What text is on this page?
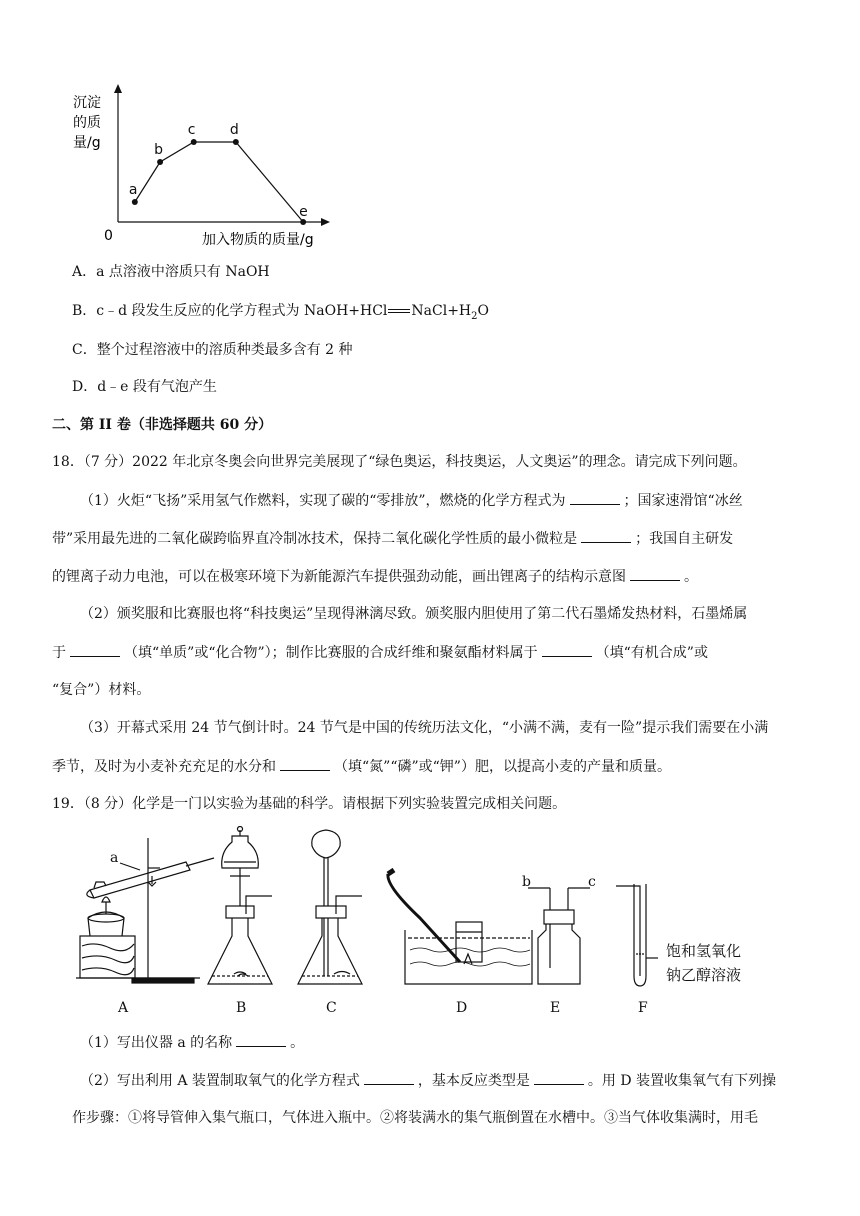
沉淀
的质
量/g
0	加入物质的质量/g
a
b
c d
e
A．a 点溶液中溶质只有 NaOH
B．c﹣d 段发生反应的化学方程式为 NaOH+HCl $NaCl+H_2O$
C．整个过程溶液中的溶质种类最多含有 2 种
D．d﹣e 段有气泡产生
二、第 II 卷（非选择题共 60 分）
18．（7 分）2022 年北京冬奥会向世界完美展现了“绿色奥运，科技奥运，人文奥运”的理念。请完成下列问题。
（1）火炬“飞扬”采用氢气作燃料，实现了碳的“零排放”，燃烧的化学方程式为	；国家速滑馆“冰丝
带”采用最先进的二氧化碳跨临界直冷制冰技术，保持二氧化碳化学性质的最小微粒是	；我国自主研发
的锂离子动力电池，可以在极寒环境下为新能源汽车提供强劲动能，画出锂离子的结构示意图	。
（2）颁奖服和比赛服也将“科技奥运”呈现得淋漓尽致。颁奖服内胆使用了第二代石墨烯发热材料，石墨烯属
于	（填“单质”或“化合物”）；制作比赛服的合成纤维和聚氨酯材料属于	（填“有机合成”或
“复合”）材料。
（3）开幕式采用 24 节气倒计时。24 节气是中国的传统历法文化，“小满不满，麦有一险”提示我们需要在小满
季节，及时为小麦补充充足的水分和	（填“氮”“磷”或“钾”）肥，以提高小麦的产量和质量。
19．（8 分）化学是一门以实验为基础的科学。请根据下列实验装置完成相关问题。
a
b	c
饱和氢氧化
钠乙醇溶液
A	B	C	D	E	F
（1）写出仪器 a 的名称	。
（2）写出利用 A 装置制取氧气的化学方程式	，基本反应类型是	。用 D 装置收集氧气有下列操
作步骤：①将导管伸入集气瓶口，气体进入瓶中。②将装满水的集气瓶倒置在水槽中。③当气体收集满时，用毛
